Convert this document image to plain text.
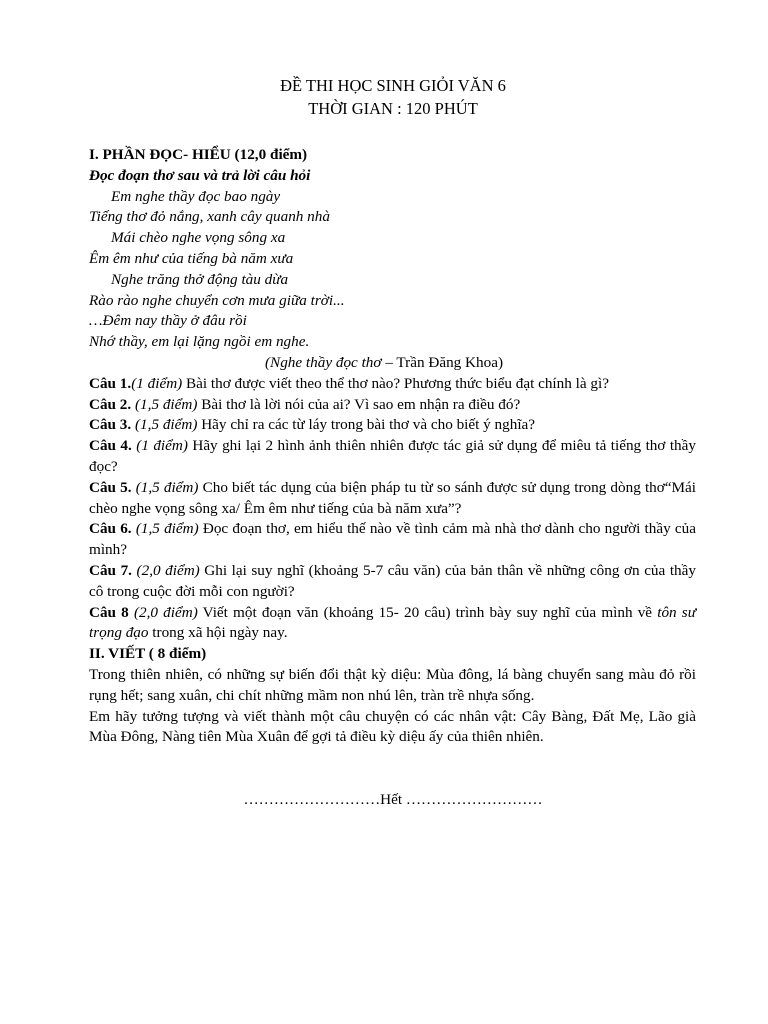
ĐỀ THI HỌC SINH GIỎI VĂN 6
THỜI GIAN : 120 PHÚT
I. PHẦN ĐỌC- HIỂU (12,0 điểm)
Đọc đoạn thơ sau và trả lời câu hỏi
Em nghe thầy đọc bao ngày
Tiếng thơ đỏ nắng, xanh cây quanh nhà
Mái chèo nghe vọng sông xa
Êm êm như của tiếng bà năm xưa
Nghe trăng thở động tàu dừa
Rào rào nghe chuyển cơn mưa giữa trời...
…Đêm nay thầy ở đâu rồi
Nhớ thầy, em lại lặng ngồi em nghe.
(Nghe thầy đọc thơ – Trần Đăng Khoa)
Câu 1.(1 điểm) Bài thơ được viết theo thể thơ nào? Phương thức biểu đạt chính là gì?
Câu 2. (1,5 điểm) Bài thơ là lời nói của ai? Vì sao em nhận ra điều đó?
Câu 3. (1,5 điểm) Hãy chỉ ra các từ láy trong bài thơ và cho biết ý nghĩa?
Câu 4. (1 điểm) Hãy ghi lại 2 hình ảnh thiên nhiên được tác giả sử dụng để miêu tả tiếng thơ thầy đọc?
Câu 5. (1,5 điểm) Cho biết tác dụng của biện pháp tu từ so sánh được sử dụng trong dòng thơ“Mái chèo nghe vọng sông xa/ Êm êm như tiếng của bà năm xưa”?
Câu 6. (1,5 điểm) Đọc đoạn thơ, em hiểu thế nào về tình cảm mà nhà thơ dành cho người thầy của mình?
Câu 7. (2,0 điểm) Ghi lại suy nghĩ (khoảng 5-7 câu văn) của bản thân về những công ơn của thầy cô trong cuộc đời mỗi con người?
Câu 8 (2,0 điểm) Viết một đoạn văn (khoảng 15- 20 câu) trình bày suy nghĩ của mình về tôn sư trọng đạo trong xã hội ngày nay.
II. VIẾT ( 8 điểm)
Trong thiên nhiên, có những sự biến đổi thật kỳ diệu: Mùa đông, lá bàng chuyển sang màu đỏ rồi rụng hết; sang xuân, chi chít những mầm non nhú lên, tràn trề nhựa sống.
Em hãy tưởng tượng và viết thành một câu chuyện có các nhân vật: Cây Bàng, Đất Mẹ, Lão già Mùa Đông, Nàng tiên Mùa Xuân để gợi tả điều kỳ diệu ấy của thiên nhiên.
………………………Hết ………………………
